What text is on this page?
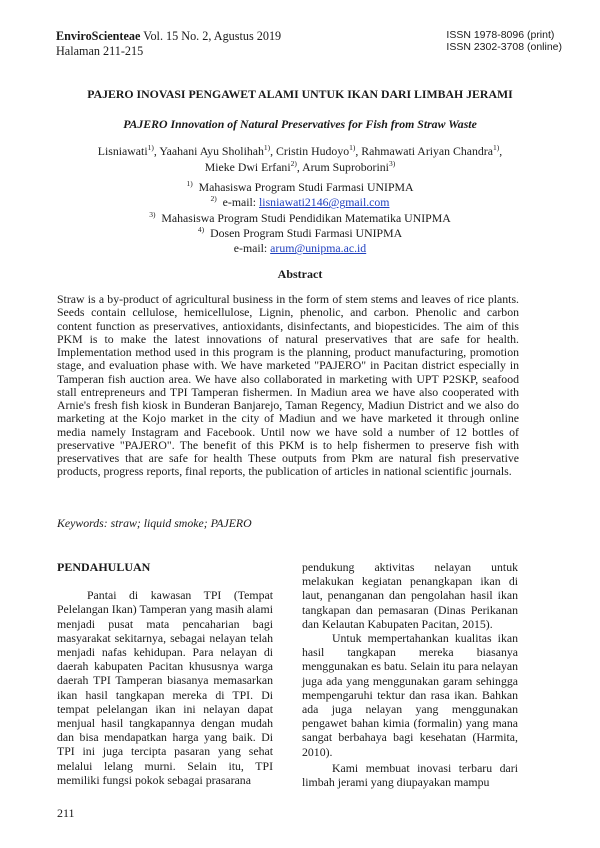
EnviroScienteae Vol. 15 No. 2, Agustus 2019
Halaman 211-215
ISSN 1978-8096 (print)
ISSN 2302-3708 (online)
PAJERO INOVASI PENGAWET ALAMI UNTUK IKAN DARI LIMBAH JERAMI
PAJERO Innovation of Natural Preservatives for Fish from Straw Waste
Lisniawati$^{1)}$, Yaahani Ayu Sholihah$^{1)}$, Cristin Hudoyo$^{1)}$, Rahmawati Ariyan Chandra$^{1)}$,
Mieke Dwi Erfani$^{2)}$, Arum Suproborini$^{3)}$
$^{1)}$ Mahasiswa Program Studi Farmasi UNIPMA
$^{2)}$ e-mail: lisniawati2146@gmail.com
$^{3)}$ Mahasiswa Program Studi Pendidikan Matematika UNIPMA
$^{4)}$ Dosen Program Studi Farmasi UNIPMA
e-mail: arum@unipma.ac.id
Abstract
Straw is a by-product of agricultural business in the form of stem stems and leaves of rice plants. Seeds contain cellulose, hemicellulose, Lignin, phenolic, and carbon. Phenolic and carbon content function as preservatives, antioxidants, disinfectants, and biopesticides. The aim of this PKM is to make the latest innovations of natural preservatives that are safe for health. Implementation method used in this program is the planning, product manufacturing, promotion stage, and evaluation phase with. We have marketed "PAJERO" in Pacitan district especially in Tamperan fish auction area. We have also collaborated in marketing with UPT P2SKP, seafood stall entrepreneurs and TPI Tamperan fishermen. In Madiun area we have also cooperated with Arnie's fresh fish kiosk in Bunderan Banjarejo, Taman Regency, Madiun District and we also do marketing at the Kojo market in the city of Madiun and we have marketed it through online media namely Instagram and Facebook. Until now we have sold a number of 12 bottles of preservative "PAJERO". The benefit of this PKM is to help fishermen to preserve fish with preservatives that are safe for health These outputs from Pkm are natural fish preservative products, progress reports, final reports, the publication of articles in national scientific journals.
Keywords: straw; liquid smoke; PAJERO
PENDAHULUAN

Pantai di kawasan TPI (Tempat Pelelangan Ikan) Tamperan yang masih alami menjadi pusat mata pencaharian bagi masyarakat sekitarnya, sebagai nelayan telah menjadi nafas kehidupan. Para nelayan di daerah kabupaten Pacitan khususnya warga daerah TPI Tamperan biasanya memasarkan ikan hasil tangkapan mereka di TPI. Di tempat pelelangan ikan ini nelayan dapat menjual hasil tangkapannya dengan mudah dan bisa mendapatkan harga yang baik. Di TPI ini juga tercipta pasaran yang sehat melalui lelang murni. Selain itu, TPI memiliki fungsi pokok sebagai prasarana

pendukung aktivitas nelayan untuk melakukan kegiatan penangkapan ikan di laut, penanganan dan pengolahan hasil ikan tangkapan dan pemasaran (Dinas Perikanan dan Kelautan Kabupaten Pacitan, 2015).

Untuk mempertahankan kualitas ikan hasil tangkapan mereka biasanya menggunakan es batu. Selain itu para nelayan juga ada yang menggunakan garam sehingga mempengaruhi tektur dan rasa ikan. Bahkan ada juga nelayan yang menggunakan pengawet bahan kimia (formalin) yang mana sangat berbahaya bagi kesehatan (Harmita, 2010).

Kami membuat inovasi terbaru dari limbah jerami yang diupayakan mampu

211
